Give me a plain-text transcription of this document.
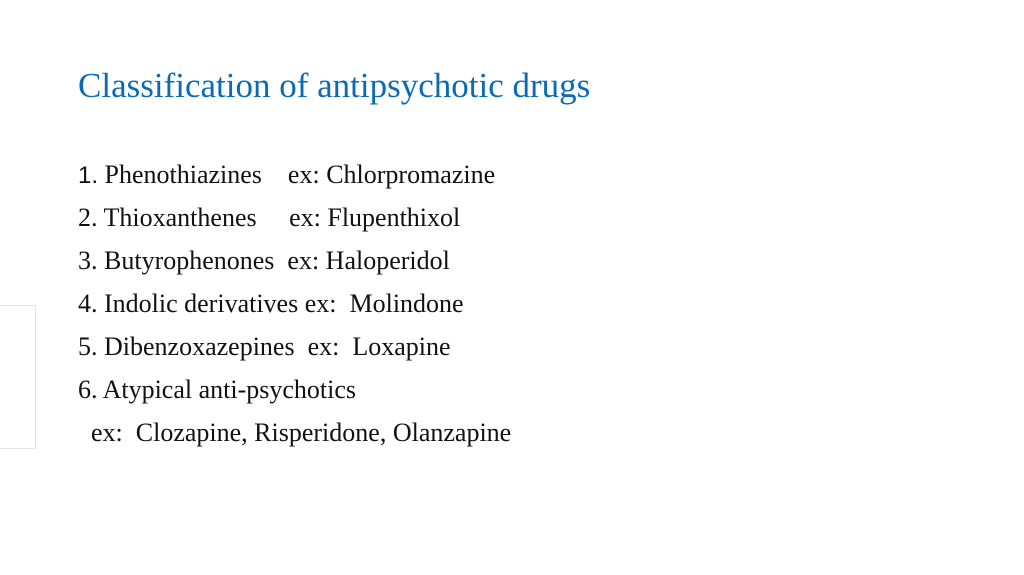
Classification of antipsychotic drugs
1. Phenothiazines    ex: Chlorpromazine
2. Thioxanthenes     ex: Flupenthixol
3. Butyrophenones  ex: Haloperidol
4. Indolic derivatives ex:  Molindone
5. Dibenzoxazepines  ex:  Loxapine
6. Atypical anti-psychotics
ex:  Clozapine, Risperidone, Olanzapine
